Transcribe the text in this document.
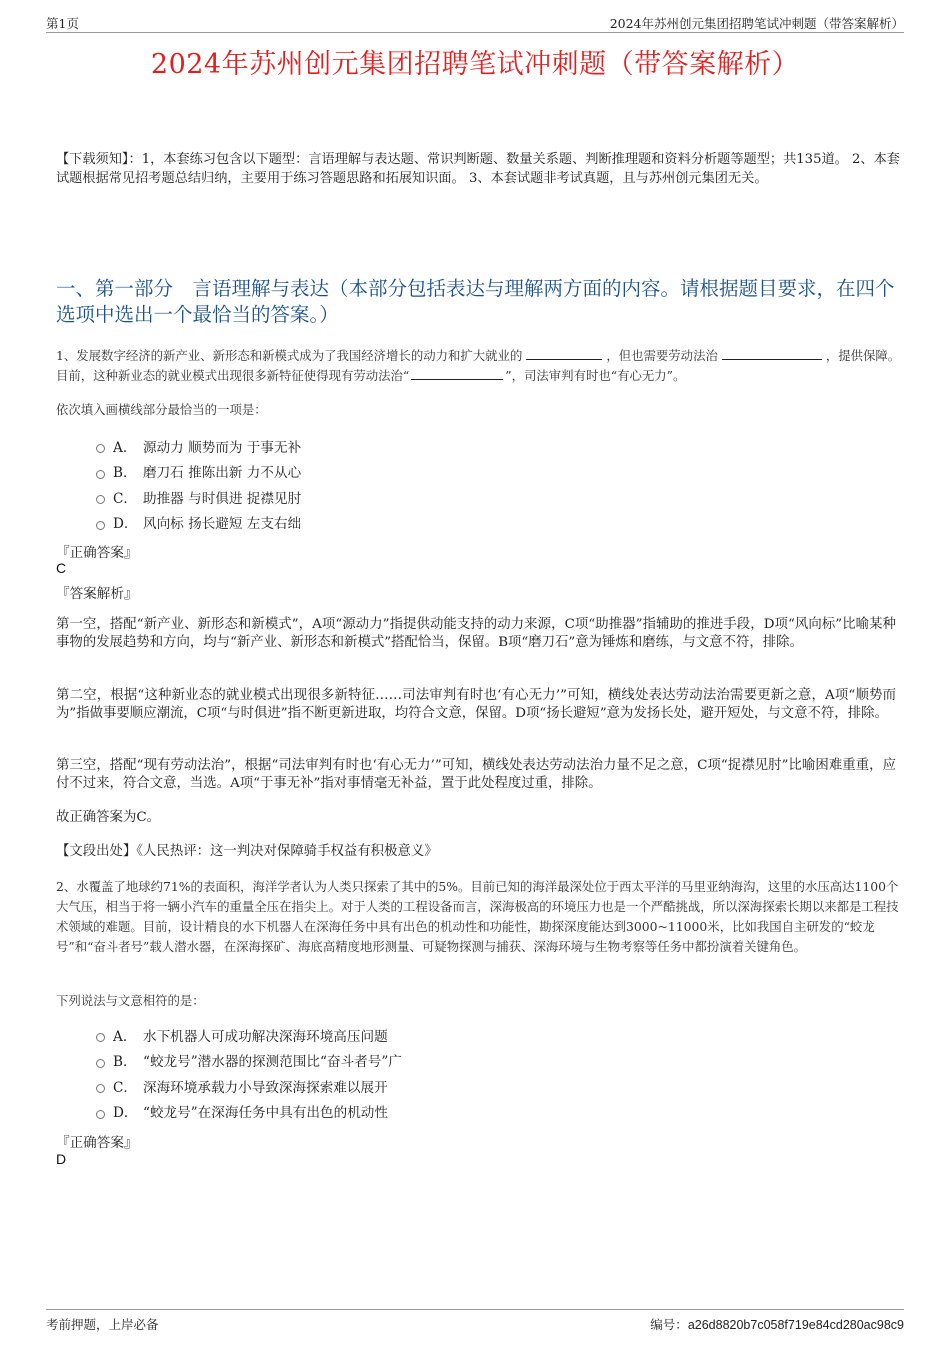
第1页	2024年苏州创元集团招聘笔试冲刺题（带答案解析）
2024年苏州创元集团招聘笔试冲刺题（带答案解析）
【下载须知】：1，本套练习包含以下题型：言语理解与表达题、常识判断题、数量关系题、判断推理题和资料分析题等题型；共135道。 2、本套试题根据常见招考题总结归纳，主要用于练习答题思路和拓展知识面。 3、本套试题非考试真题，且与苏州创元集团无关。
一、第一部分　言语理解与表达（本部分包括表达与理解两方面的内容。请根据题目要求，在四个选项中选出一个最恰当的答案。）
1、发展数字经济的新产业、新形态和新模式成为了我国经济增长的动力和扩大就业的	，但也需要劳动法治	，提供保障。目前，这种新业态的就业模式出现很多新特征使得现有劳动法治“	”，司法审判有时也“有心无力”。
依次填入画横线部分最恰当的一项是：
A． 源动力 顺势而为 于事无补
B． 磨刀石 推陈出新 力不从心
C． 助推器 与时俱进 捉襟见肘
D． 风向标 扬长避短 左支右绌
『正确答案』
C
『答案解析』
第一空，搭配“新产业、新形态和新模式”，A项“源动力”指提供动能支持的动力来源，C项“助推器”指辅助的推进手段，D项“风向标”比喻某种事物的发展趋势和方向，均与“新产业、新形态和新模式”搭配恰当，保留。B项“磨刀石”意为锤炼和磨练，与文意不符，排除。
第二空，根据“这种新业态的就业模式出现很多新特征……司法审判有时也‘有心无力’”可知，横线处表达劳动法治需要更新之意，A项“顺势而为”指做事要顺应潮流，C项“与时俱进”指不断更新进取，均符合文意，保留。D项“扬长避短”意为发扬长处，避开短处，与文意不符，排除。
第三空，搭配“现有劳动法治”，根据“司法审判有时也‘有心无力’”可知，横线处表达劳动法治力量不足之意，C项“捉襟见肘”比喻困难重重，应付不过来，符合文意，当选。A项“于事无补”指对事情毫无补益，置于此处程度过重，排除。
故正确答案为C。
【文段出处】《人民热评：这一判决对保障骑手权益有积极意义》
2、水覆盖了地球约71%的表面积，海洋学者认为人类只探索了其中的5%。目前已知的海洋最深处位于西太平洋的马里亚纳海沟，这里的水压高达1100个大气压，相当于将一辆小汽车的重量全压在指尖上。对于人类的工程设备而言，深海极高的环境压力也是一个严酷挑战，所以深海探索长期以来都是工程技术领域的难题。目前，设计精良的水下机器人在深海任务中具有出色的机动性和功能性，勘探深度能达到3000~11000米，比如我国自主研发的“蛟龙号”和“奋斗者号”载人潜水器，在深海探矿、海底高精度地形测量、可疑物探测与捕获、深海环境与生物考察等任务中都扮演着关键角色。
下列说法与文意相符的是：
A． 水下机器人可成功解决深海环境高压问题
B． “蛟龙号”潜水器的探测范围比“奋斗者号”广
C． 深海环境承载力小导致深海探索难以展开
D． “蛟龙号”在深海任务中具有出色的机动性
『正确答案』
D
考前押题，上岸必备	编号：a26d8820b7c058f719e84cd280ac98c9
